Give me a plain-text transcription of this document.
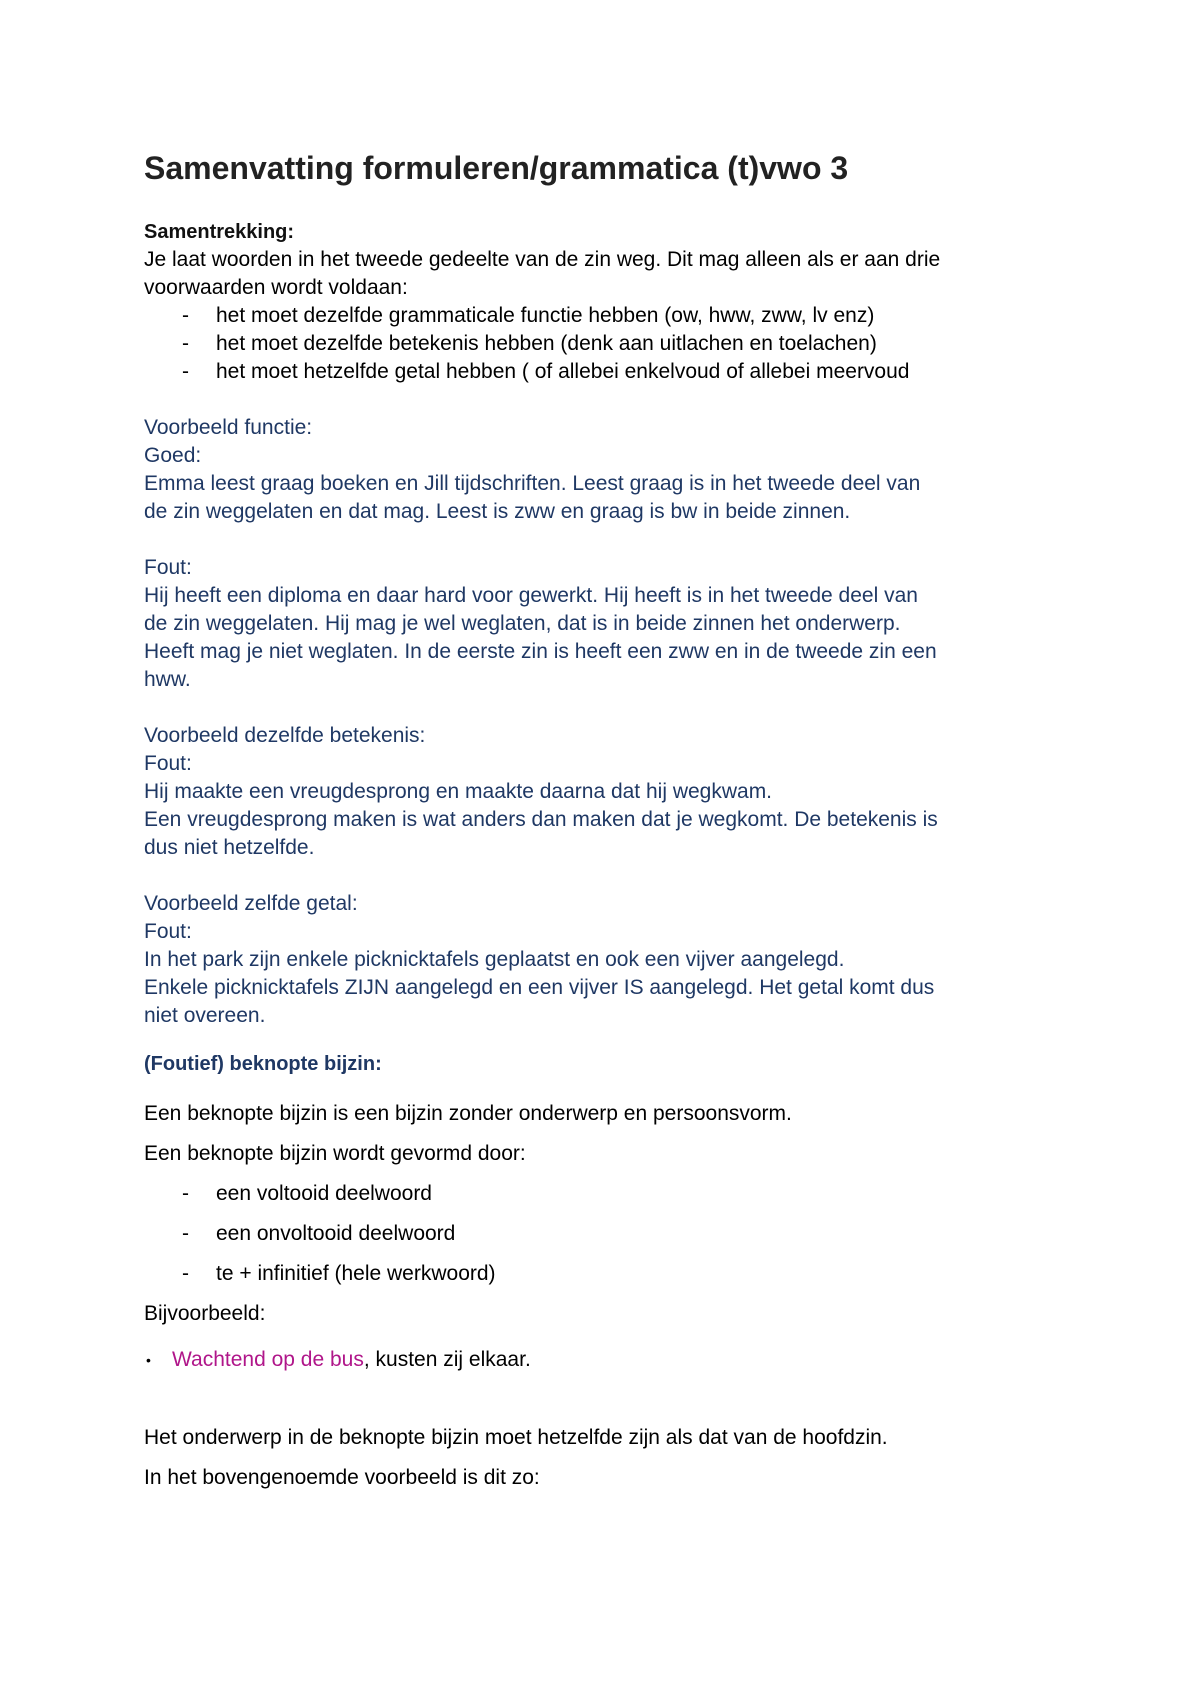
Samenvatting formuleren/grammatica (t)vwo 3
Samentrekking:

Je laat woorden in het tweede gedeelte van de zin weg. Dit mag alleen als er aan drie

voorwaarden wordt voldaan:

- het moet dezelfde grammaticale functie hebben (ow, hww, zww, lv enz)
- het moet dezelfde betekenis hebben (denk aan uitlachen en toelachen)
- het moet hetzelfde getal hebben ( of allebei enkelvoud of allebei meervoud

Voorbeeld functie:

Goed:

Emma leest graag boeken en Jill tijdschriften. Leest graag is in het tweede deel van

de zin weggelaten en dat mag. Leest is zww en graag is bw in beide zinnen.

Fout:

Hij heeft een diploma en daar hard voor gewerkt. Hij heeft is in het tweede deel van

de zin weggelaten. Hij mag je wel weglaten, dat is in beide zinnen het onderwerp.

Heeft mag je niet weglaten. In de eerste zin is heeft een zww en in de tweede zin een

hww.

Voorbeeld dezelfde betekenis:

Fout:

Hij maakte een vreugdesprong en maakte daarna dat hij wegkwam.

Een vreugdesprong maken is wat anders dan maken dat je wegkomt. De betekenis is

dus niet hetzelfde.

Voorbeeld zelfde getal:

Fout:

In het park zijn enkele picknicktafels geplaatst en ook een vijver aangelegd.

Enkele picknicktafels ZIJN aangelegd en een vijver IS aangelegd. Het getal komt dus

niet overeen.

(Foutief) beknopte bijzin:

Een beknopte bijzin is een bijzin zonder onderwerp en persoonsvorm.

Een beknopte bijzin wordt gevormd door:

- een voltooid deelwoord
- een onvoltooid deelwoord
- te + infinitief (hele werkwoord)

Bijvoorbeeld:

• Wachtend op de bus, kusten zij elkaar.

Het onderwerp in de beknopte bijzin moet hetzelfde zijn als dat van de hoofdzin.

In het bovengenoemde voorbeeld is dit zo:
